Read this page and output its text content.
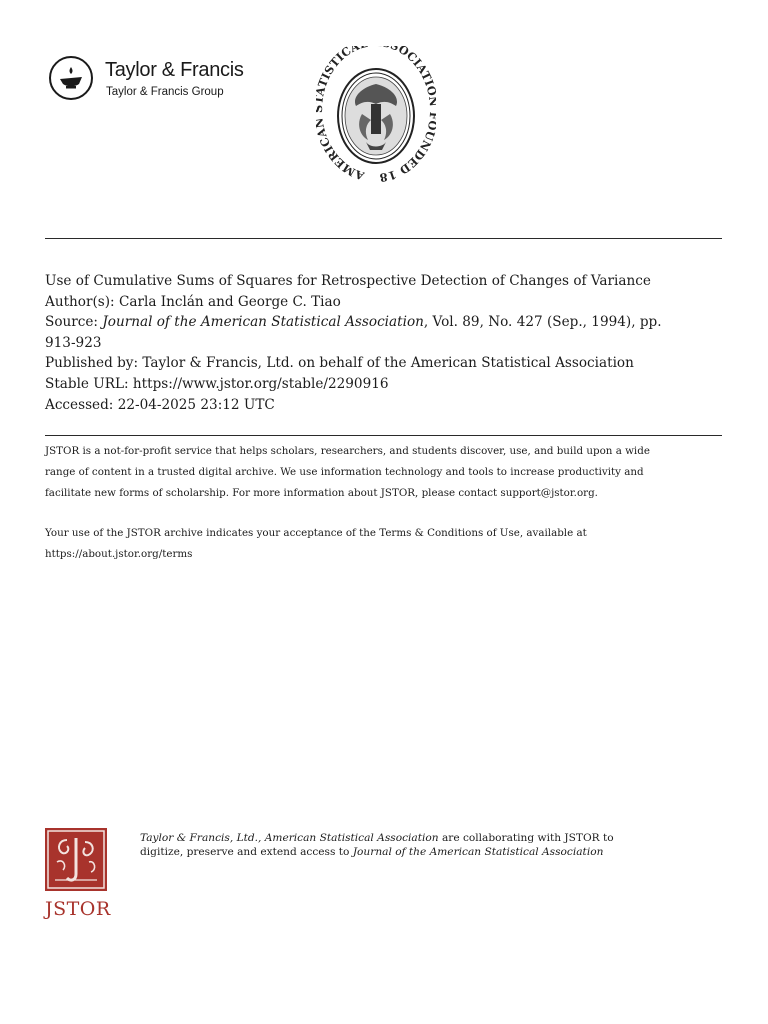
Taylor & Francis
Taylor & Francis Group
AMERIC TISTICA OCIATI NDED 18
Use of Cumulative Sums of Squares for Retrospective Detection of Changes of Variance
Author(s): Carla Inclán and George C. Tiao
Source: Journal of the American Statistical Association, Vol. 89, No. 427 (Sep., 1994), pp.
913-923
Published by: Taylor & Francis, Ltd. on behalf of the American Statistical Association
Stable URL: https://www.jstor.org/stable/2290916
Accessed: 22-04-2025 23:12 UTC
JSTOR is a not-for-profit service that helps scholars, researchers, and students discover, use, and build upon a wide
range of content in a trusted digital archive. We use information technology and tools to increase productivity and
facilitate new forms of scholarship. For more information about JSTOR, please contact support@jstor.org.
Your use of the JSTOR archive indicates your acceptance of the Terms & Conditions of Use, available at
https://about.jstor.org/terms
JSTOR
Taylor & Francis, Ltd., American Statistical Association are collaborating with JSTOR to
digitize, preserve and extend access to Journal of the American Statistical Association
